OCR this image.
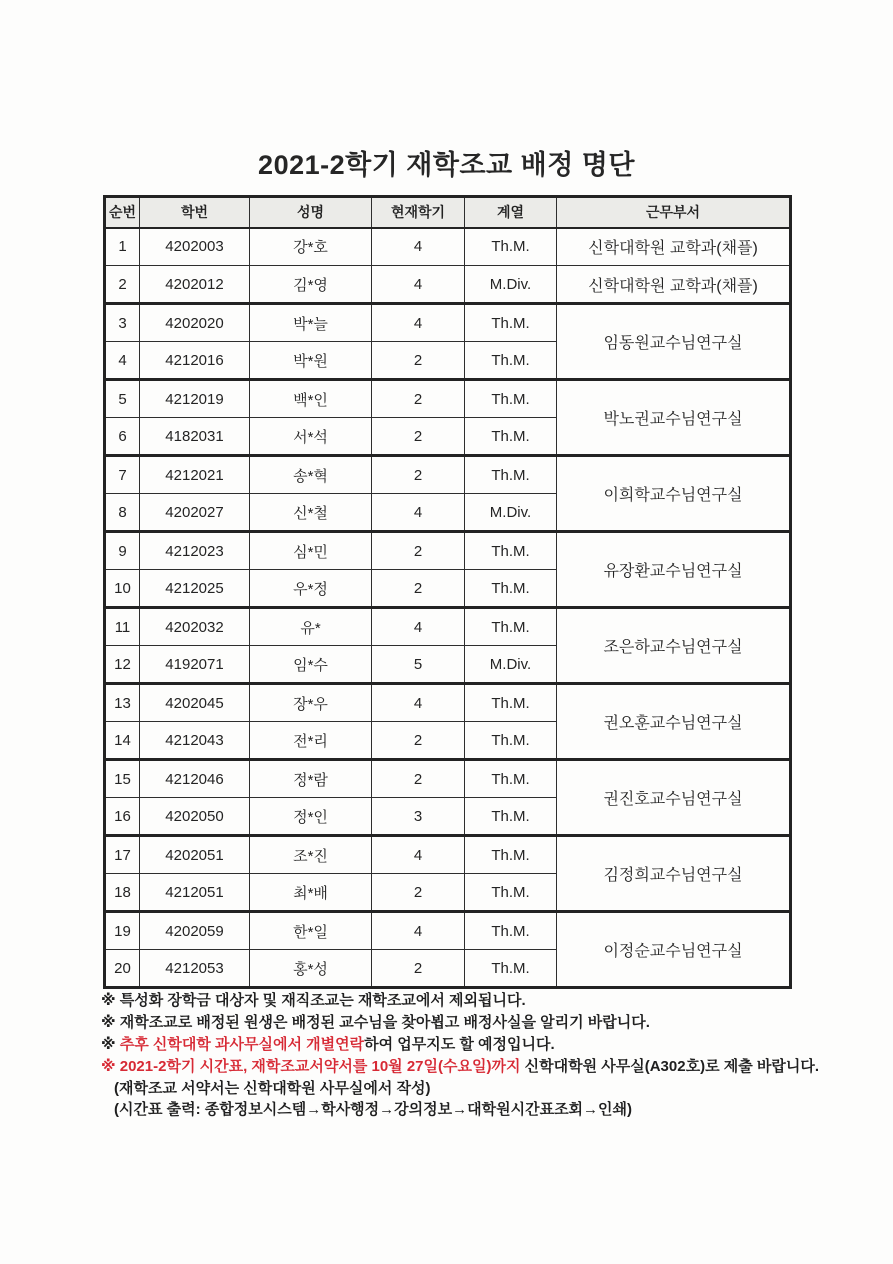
2021-2학기 재학조교 배정 명단
순번	학번	성명	현재학기	계열	근무부서
1	4202003	강*호	4	Th.M.	신학대학원 교학과(채플)
2	4202012	김*영	4	M.Div.	신학대학원 교학과(채플)
3	4202020	박*늘	4	Th.M.	임동원교수님연구실
4	4212016	박*원	2	Th.M.	
5	4212019	백*인	2	Th.M.	박노권교수님연구실
6	4182031	서*석	2	Th.M.	
7	4212021	송*혁	2	Th.M.	이희학교수님연구실
8	4202027	신*철	4	M.Div.	
9	4212023	심*민	2	Th.M.	유장환교수님연구실
10	4212025	우*정	2	Th.M.	
11	4202032	유*	4	Th.M.	조은하교수님연구실
12	4192071	임*수	5	M.Div.	
13	4202045	장*우	4	Th.M.	권오훈교수님연구실
14	4212043	전*리	2	Th.M.	
15	4212046	정*람	2	Th.M.	권진호교수님연구실
16	4202050	정*인	3	Th.M.	
17	4202051	조*진	4	Th.M.	김정희교수님연구실
18	4212051	최*배	2	Th.M.	
19	4202059	한*일	4	Th.M.	이정순교수님연구실
20	4212053	홍*성	2	Th.M.	

※ 특성화 장학금 대상자 및 재직조교는 재학조교에서 제외됩니다.

※ 재학조교로 배정된 원생은 배정된 교수님을 찾아뵙고 배정사실을 알리기 바랍니다.

※ 추후 신학대학 과사무실에서 개별연락하여 업무지도 할 예정입니다.

※ 2021-2학기 시간표, 재학조교서약서를 10월 27일(수요일)까지 신학대학원 사무실(A302호)로 제출 바랍니다.

(재학조교 서약서는 신학대학원 사무실에서 작성)

(시간표 출력: 종합정보시스템→학사행정→강의정보→대학원시간표조회→인쇄)
